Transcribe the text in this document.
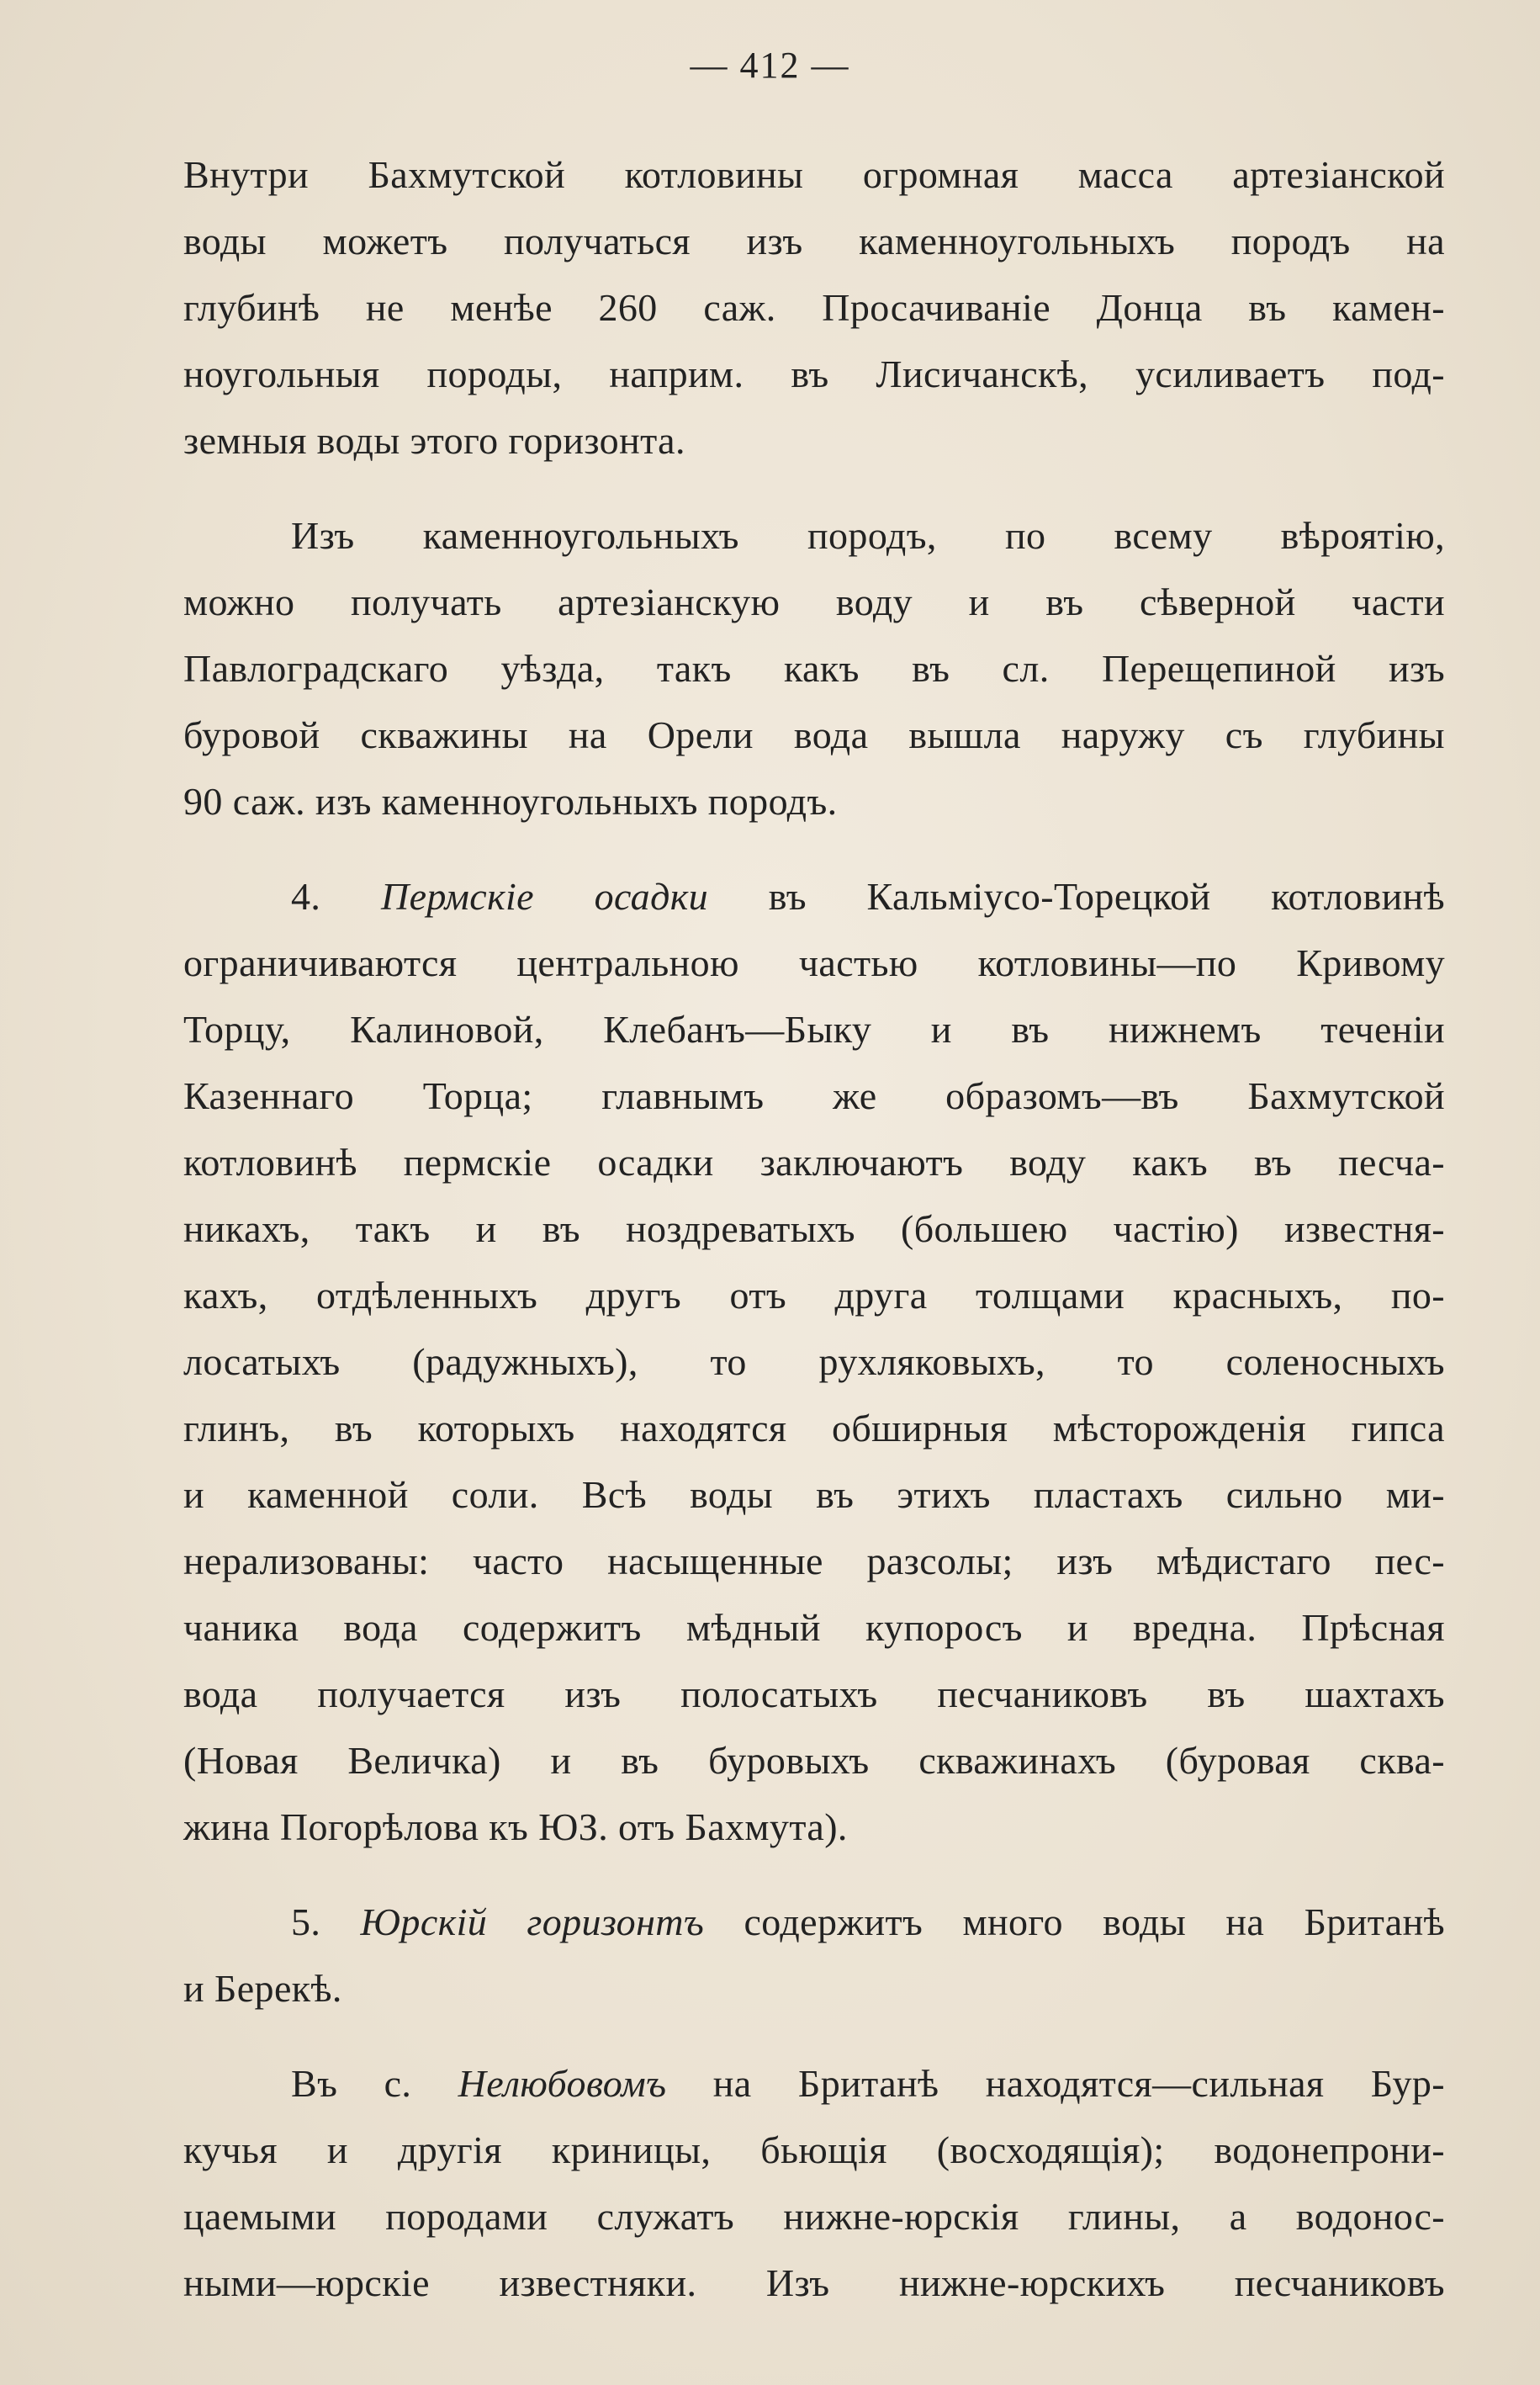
— 412 —

Внутри Бахмутской котловины огромная масса артезіанской
воды можетъ получаться изъ каменноугольныхъ породъ на
глубинѣ не менѣе 260 саж. Просачиваніе Донца въ камен-
ноугольныя породы, наприм. въ Лисичанскѣ, усиливаетъ под-
земныя воды этого горизонта.

Изъ каменноугольныхъ породъ, по всему вѣроятію,
можно получать артезіанскую воду и въ сѣверной части
Павлоградскаго уѣзда, такъ какъ въ сл. Перещепиной изъ
буровой скважины на Орели вода вышла наружу съ глубины
90 саж. изъ каменноугольныхъ породъ.

4. Пермскіе осадки въ Кальміусо-Торецкой котловинѣ
ограничиваются центральною частью котловины—по Кривому
Торцу, Калиновой, Клебанъ—Быку и въ нижнемъ теченіи
Казеннаго Торца; главнымъ же образомъ—въ Бахмутской
котловинѣ пермскіе осадки заключаютъ воду какъ въ песча-
никахъ, такъ и въ ноздреватыхъ (большею частію) известня-
кахъ, отдѣленныхъ другъ отъ друга толщами красныхъ, по-
лосатыхъ (радужныхъ), то рухляковыхъ, то соленосныхъ
глинъ, въ которыхъ находятся обширныя мѣсторожденія гипса
и каменной соли. Всѣ воды въ этихъ пластахъ сильно ми-
нерализованы: часто насыщенные разсолы; изъ мѣдистаго пес-
чаника вода содержитъ мѣдный купоросъ и вредна. Прѣсная
вода получается изъ полосатыхъ песчаниковъ въ шахтахъ
(Новая Величка) и въ буровыхъ скважинахъ (буровая сква-
жина Погорѣлова къ ЮЗ. отъ Бахмута).

5. Юрскій горизонтъ содержитъ много воды на Британѣ
и Берекѣ.

Въ с. Нелюбовомъ на Британѣ находятся—сильная Бур-
кучья и другія криницы, бьющія (восходящія); водонепрони-
цаемыми породами служатъ нижне-юрскія глины, а водонос-
ными—юрскіе известняки. Изъ нижне-юрскихъ песчаниковъ
